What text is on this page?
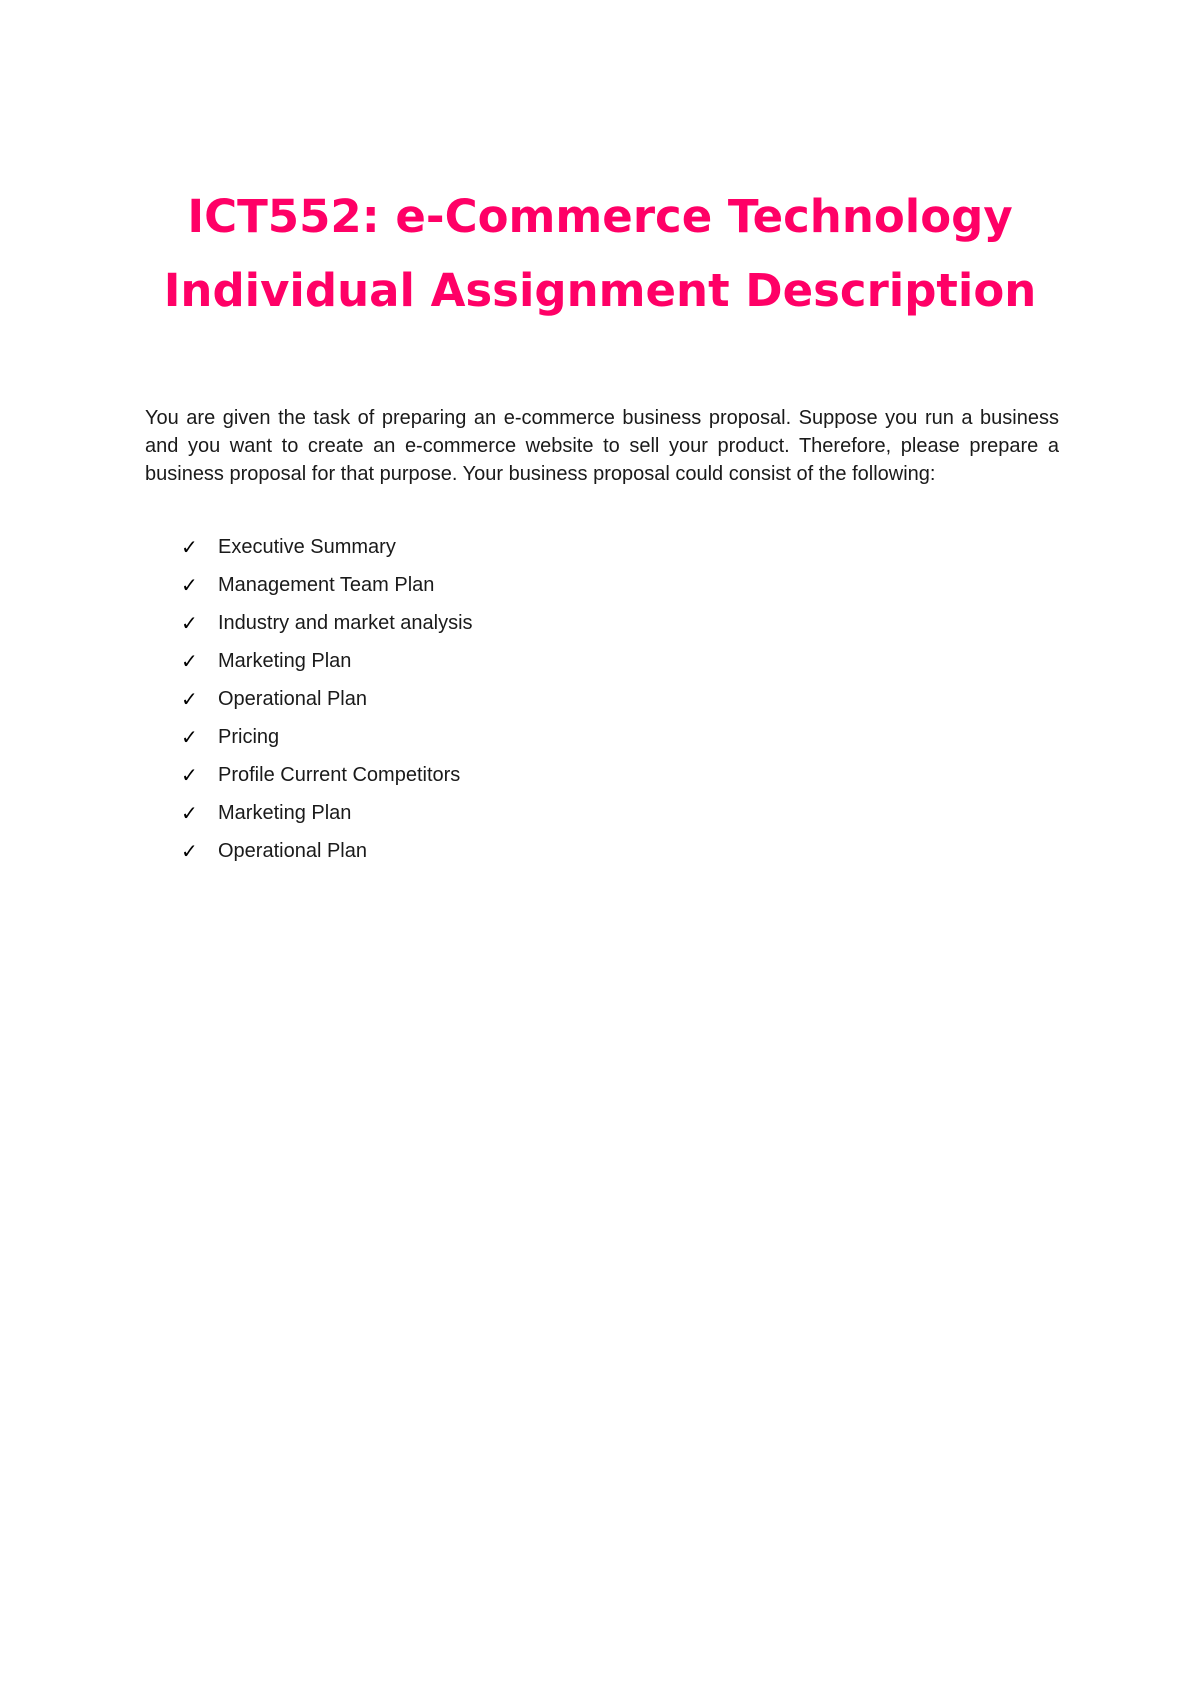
ICT552: e-Commerce Technology
Individual Assignment Description

You are given the task of preparing an e-commerce business proposal. Suppose you run a business and you want to create an e-commerce website to sell your product. Therefore, please prepare a business proposal for that purpose. Your business proposal could consist of the following:

✓	Executive Summary
✓	Management Team Plan
✓	Industry and market analysis
✓	Marketing Plan
✓	Operational Plan
✓	Pricing
✓	Profile Current Competitors
✓	Marketing Plan
✓	Operational Plan
